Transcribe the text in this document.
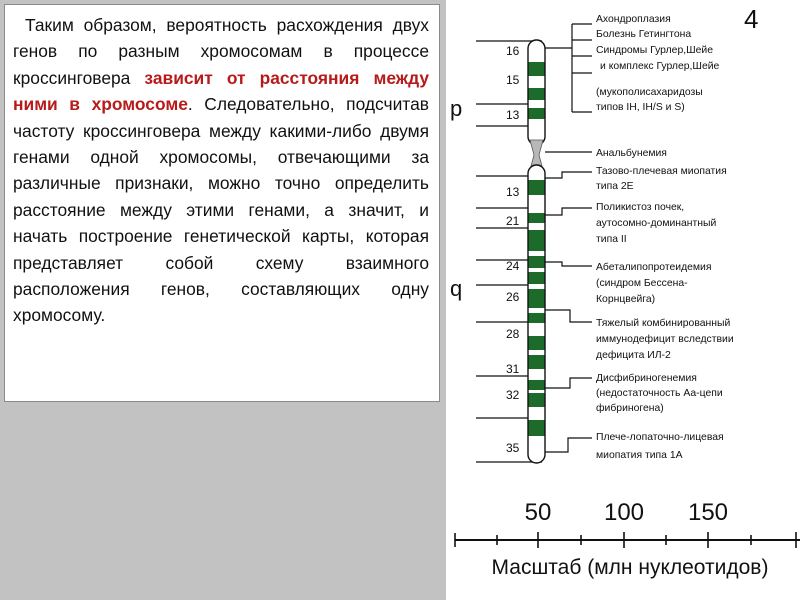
Таким образом, вероятность расхождения двух генов по разным хромосомам в процессе кроссинговера зависит от расстояния между ними в хромосоме. Следовательно, подсчитав частоту кроссинговера между какими-либо двумя генами одной хромосомы, отвечающими за различные признаки, можно точно определить расстояние между этими генами, а значит, и начать построение генетической карты, которая представляет собой схему взаимного расположения генов, составляющих одну хромосому.
4
p
q
16
15
13
13
21
24
26
28
31
32
35
Ахондроплазия
Болезнь Гетингтона
Синдромы Гурлер,Шейе
и комплекс Гурлер,Шейе
(мукополисахаридозы
типов IH, IH/S и S)
Анальбунемия
Тазово-плечевая миопатия
типа 2Е
Поликистоз почек,
аутосомно-доминантный
типа II
Абеталипопротеидемия
(синдром Бессена-
Корнцвейга)
Тяжелый комбинированный
иммунодефицит вследствии
дефицита ИЛ-2
Дисфибриногенемия
(недостаточность Аа-цепи
фибриногена)
Плече-лопаточно-лицевая
миопатия типа 1А
50 100 150
Масштаб (млн нуклеотидов)
